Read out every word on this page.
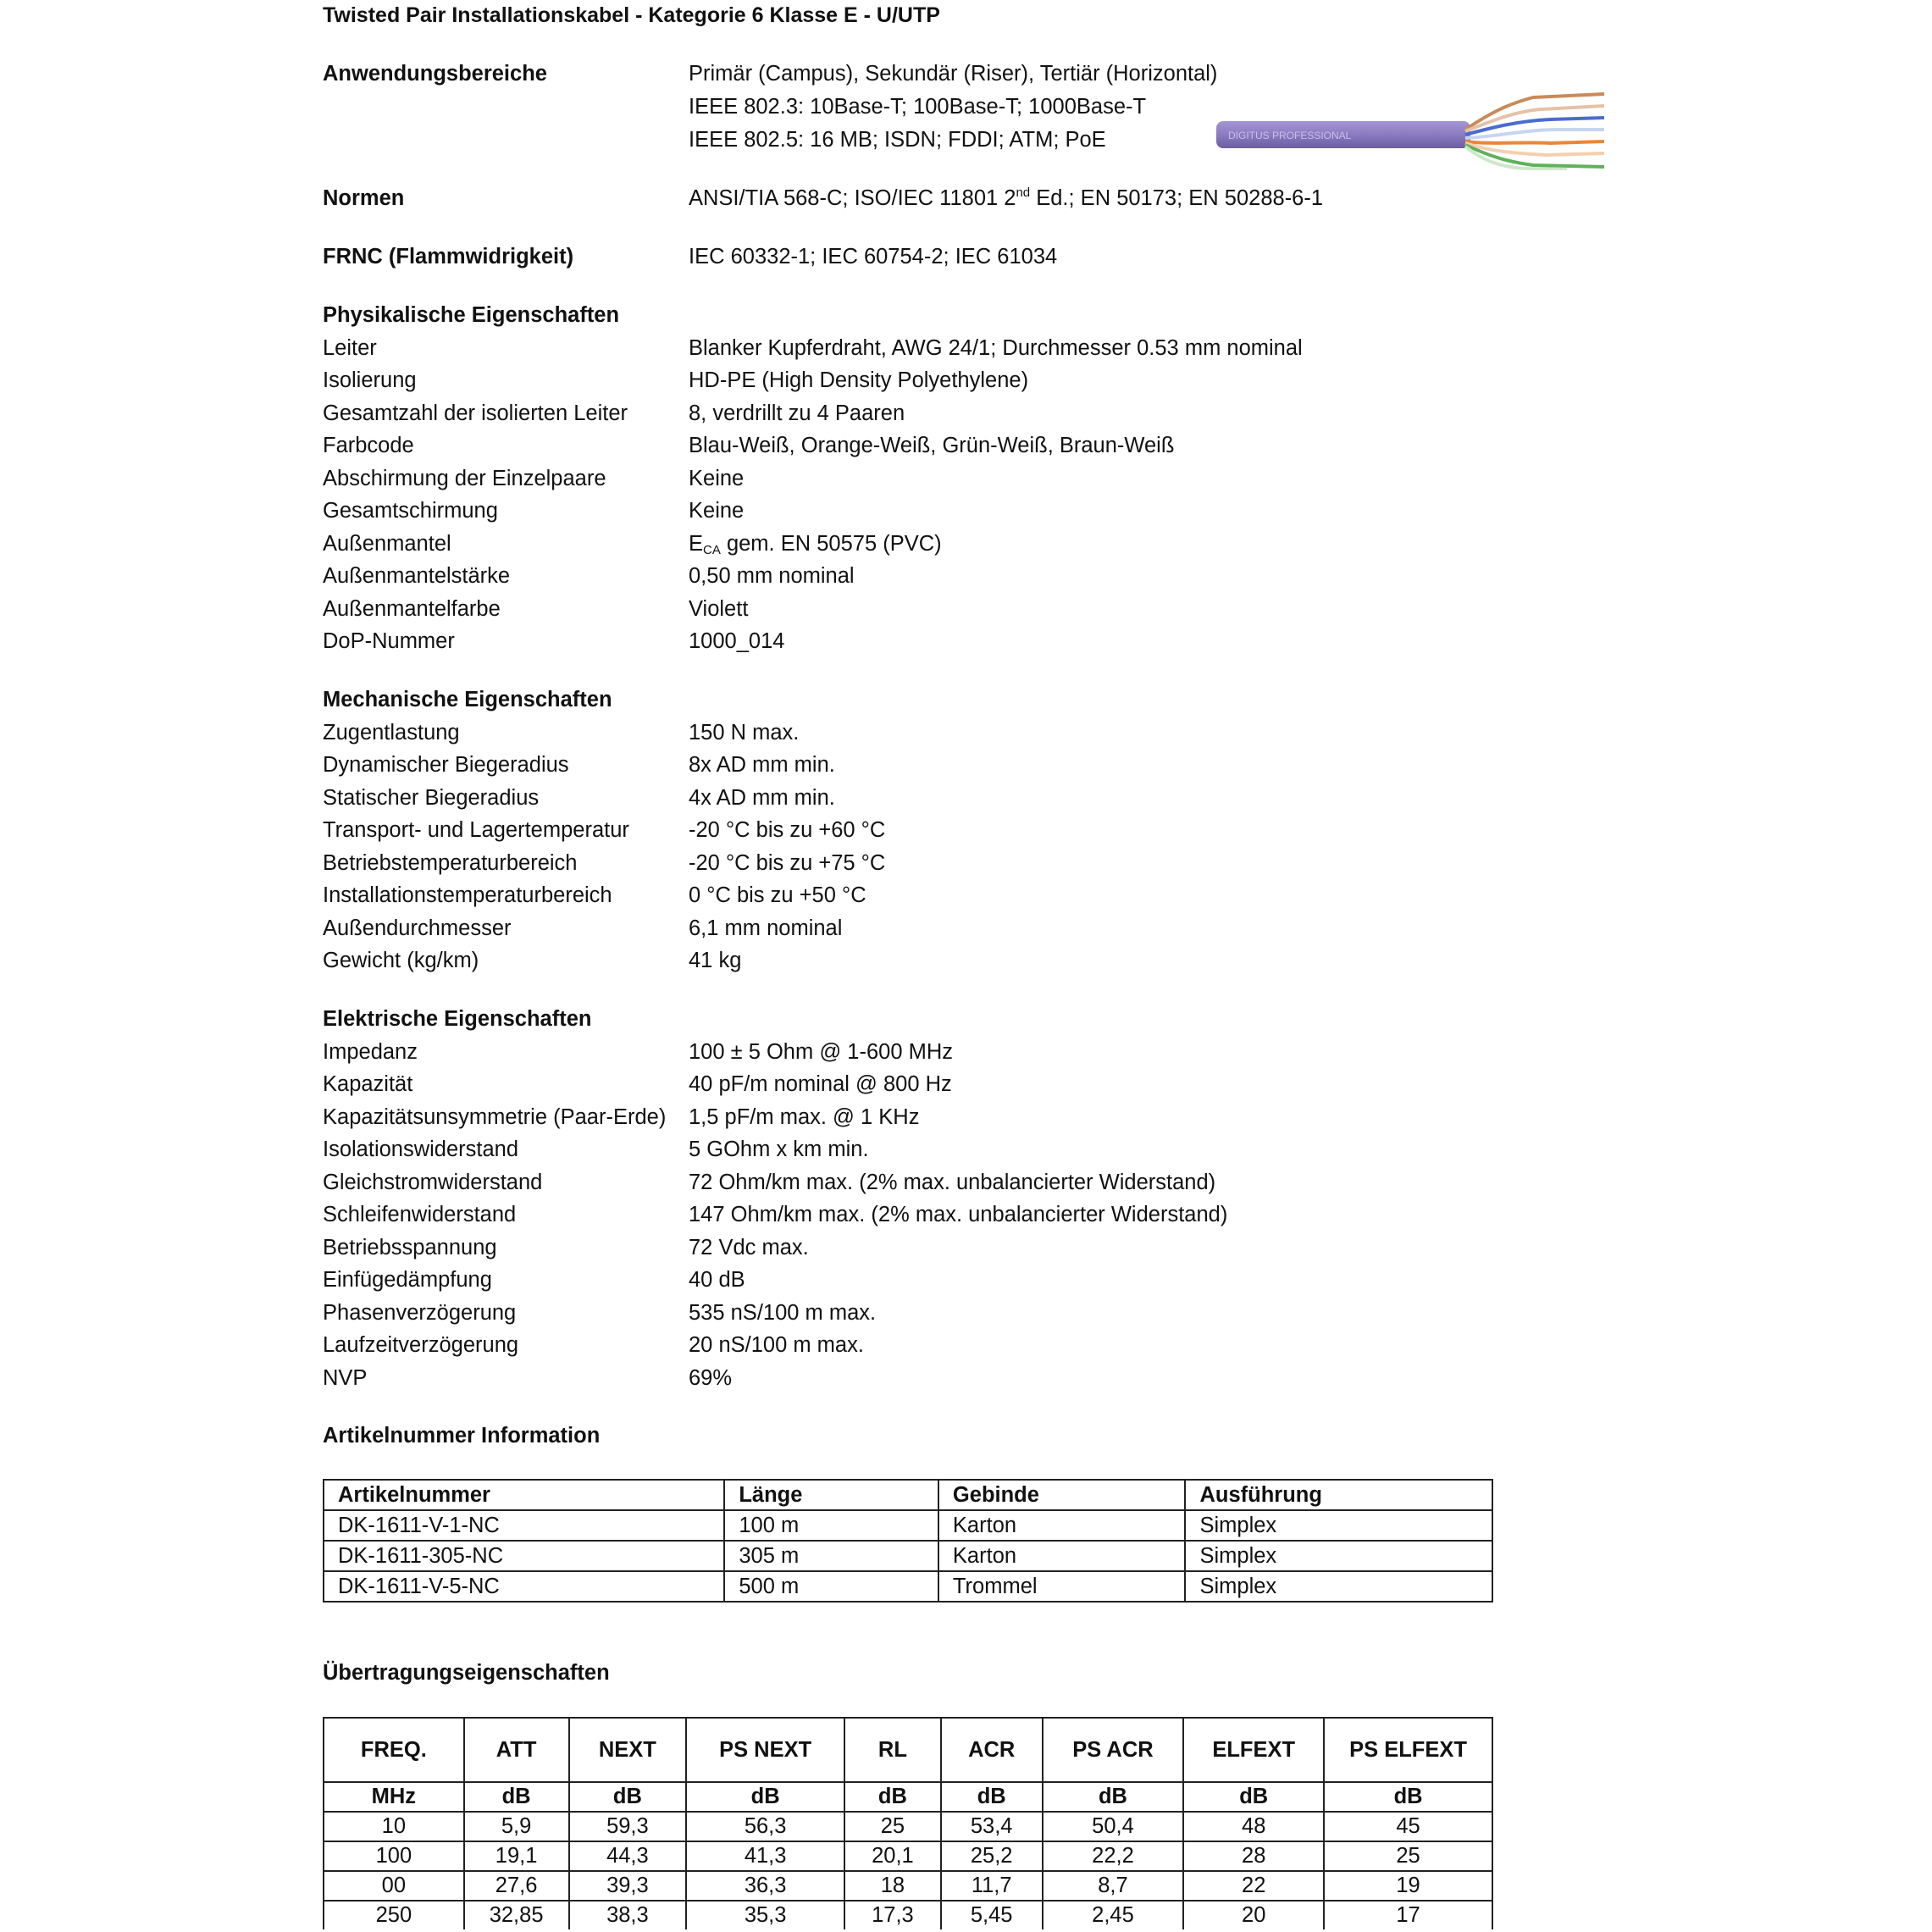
Twisted Pair Installationskabel - Kategorie 6 Klasse E - U/UTP
Anwendungsbereiche	Primär (Campus), Sekundär (Riser), Tertiär (Horizontal)
IEEE 802.3: 10Base-T; 100Base-T; 1000Base-T
IEEE 802.5: 16 MB; ISDN; FDDI; ATM; PoE	DIGITUS PROFESSIONAL
Normen	ANSI/TIA 568-C; ISO/IEC 11801 2nd Ed.; EN 50173; EN 50288-6-1
FRNC (Flammwidrigkeit)	IEC 60332-1; IEC 60754-2; IEC 61034
Physikalische Eigenschaften
Leiter	Blanker Kupferdraht, AWG 24/1; Durchmesser 0.53 mm nominal
Isolierung	HD-PE (High Density Polyethylene)
Gesamtzahl der isolierten Leiter	8, verdrillt zu 4 Paaren
Farbcode	Blau-Weiß, Orange-Weiß, Grün-Weiß, Braun-Weiß
Abschirmung der Einzelpaare	Keine
Gesamtschirmung	Keine
Außenmantel	$E_{CA}$ gem. EN 50575 (PVC)
Außenmantelstärke	0,50 mm nominal
Außenmantelfarbe	Violett
DoP-Nummer	1000_014
Mechanische Eigenschaften
Zugentlastung	150 N max.
Dynamischer Biegeradius	8x AD mm min.
Statischer Biegeradius	4x AD mm min.
Transport- und Lagertemperatur	-20 °C bis zu +60 °C
Betriebstemperaturbereich	-20 °C bis zu +75 °C
Installationstemperaturbereich	0 °C bis zu +50 °C
Außendurchmesser	6,1 mm nominal
Gewicht (kg/km)	41 kg
Elektrische Eigenschaften
Impedanz	100 ± 5 Ohm @ 1-600 MHz
Kapazität	40 pF/m nominal @ 800 Hz
Kapazitätsunsymmetrie (Paar-Erde) 1,5 pF/m max. @ 1 KHz
Isolationswiderstand	5 GOhm x km min.
Gleichstromwiderstand	72 Ohm/km max. (2% max. unbalancierter Widerstand)
Schleifenwiderstand	147 Ohm/km max. (2% max. unbalancierter Widerstand)
Betriebsspannung	72 Vdc max.
Einfügedämpfung	40 dB
Phasenverzögerung	535 nS/100 m max.
Laufzeitverzögerung	20 nS/100 m max.
NVP	69%
Artikelnummer Information
Artikelnummer	Länge	Gebinde	Ausführung
DK-1611-V-1-NC	100 m	Karton	Simplex
DK-1611-305-NC	305 m	Karton	Simplex
DK-1611-V-5-NC	500 m	Trommel	Simplex
Übertragungseigenschaften
FREQ.	ATT	NEXT	PS NEXT	RL	ACR	PS ACR	ELFEXT	PS ELFEXT
MHz	dB	dB	dB	dB	dB	dB	dB	dB
10	5,9	59,3	56,3	25	53,4	50,4	48	45
100	19,1	44,3	41,3	20,1	25,2	22,2	28	25
00	27,6	39,3	36,3	18	11,7	8,7	22	19
250	32,85	38,3	35,3	17,3	5,45	2,45	20	17
